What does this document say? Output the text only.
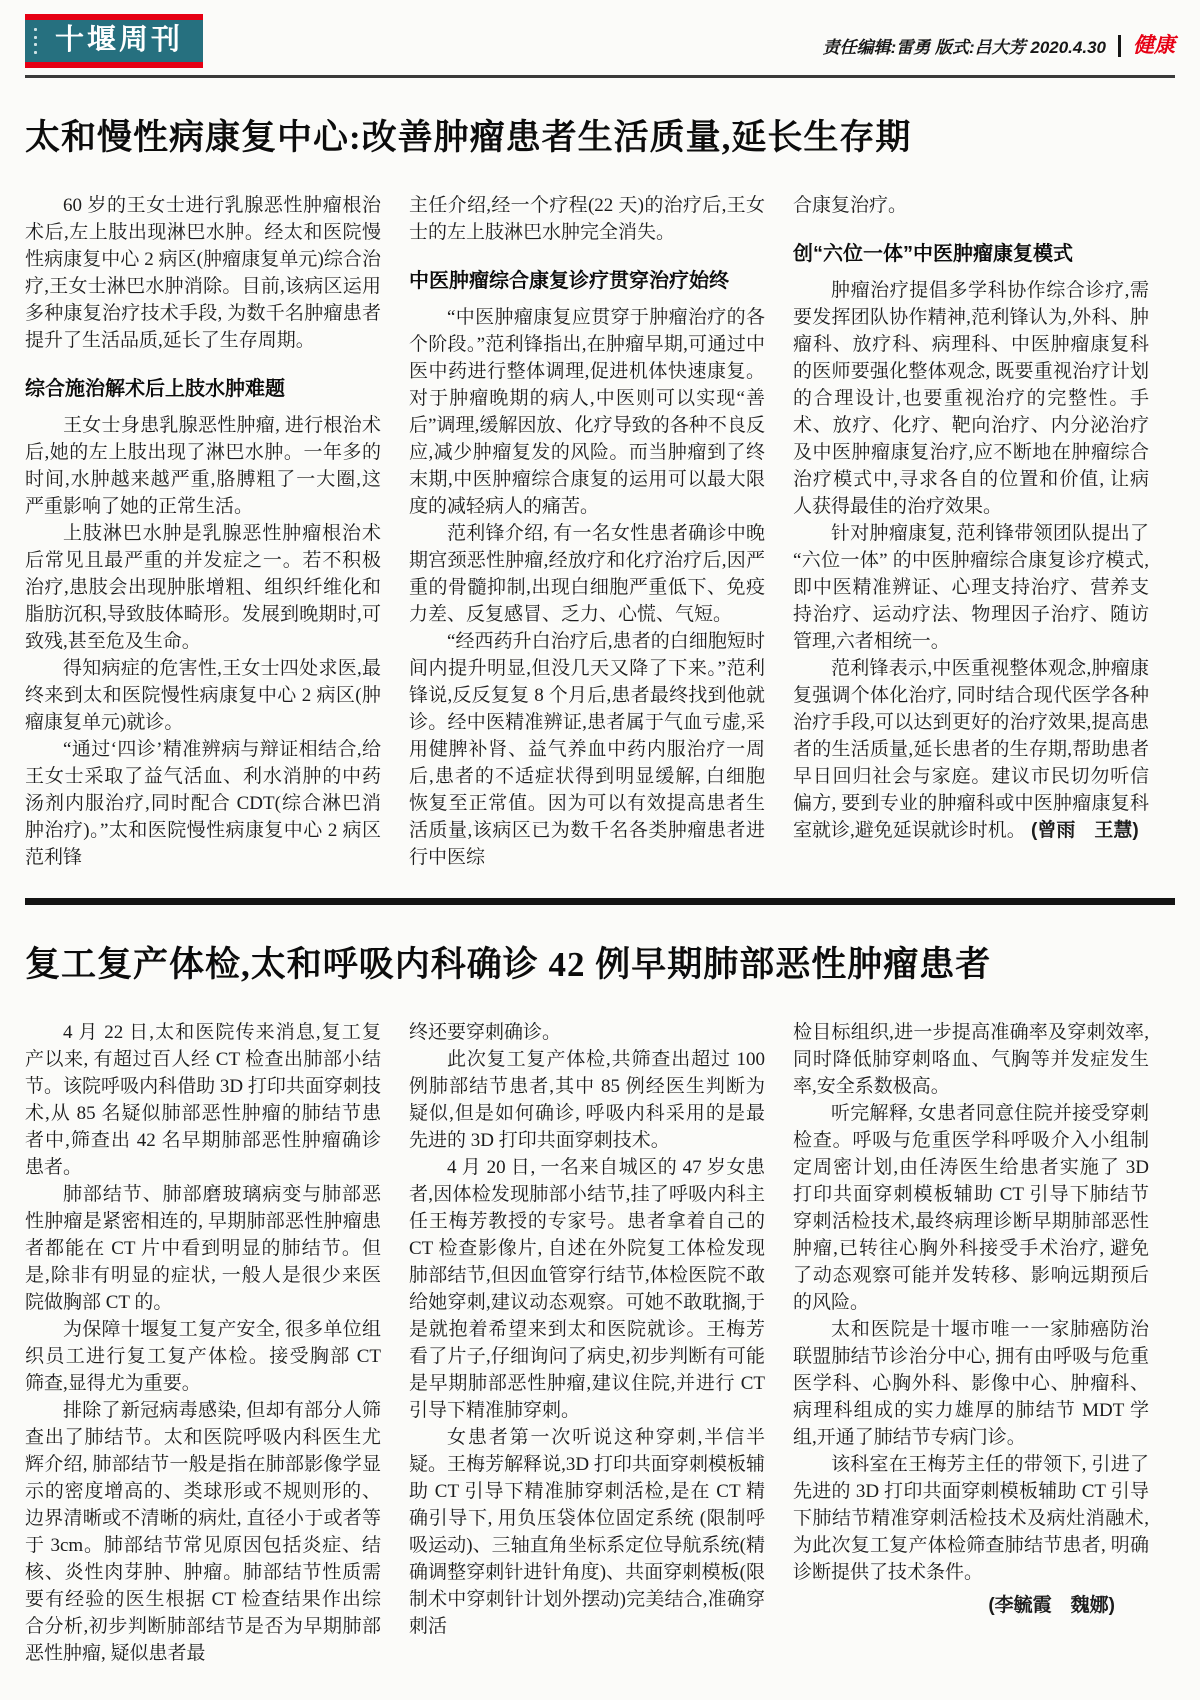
十堰周刊	责任编辑:雷勇 版式:吕大芳 2020.4.30	健康
太和慢性病康复中心:改善肿瘤患者生活质量,延长生存期

60 岁的王女士进行乳腺恶性肿瘤根治术后,左上肢出现淋巴水肿。经太和医院慢性病康复中心 2 病区(肿瘤康复单元)综合治疗,王女士淋巴水肿消除。目前,该病区运用多种康复治疗技术手段, 为数千名肿瘤患者提升了生活品质,延长了生存周期。

综合施治解术后上肢水肿难题

王女士身患乳腺恶性肿瘤, 进行根治术后,她的左上肢出现了淋巴水肿。一年多的时间,水肿越来越严重,胳膊粗了一大圈,这严重影响了她的正常生活。

上肢淋巴水肿是乳腺恶性肿瘤根治术后常见且最严重的并发症之一。若不积极治疗,患肢会出现肿胀增粗、组织纤维化和脂肪沉积,导致肢体畸形。发展到晚期时,可致残,甚至危及生命。

得知病症的危害性,王女士四处求医,最终来到太和医院慢性病康复中心 2 病区(肿瘤康复单元)就诊。

“通过‘四诊’精准辨病与辩证相结合,给王女士采取了益气活血、利水消肿的中药汤剂内服治疗,同时配合 CDT(综合淋巴消肿治疗)。”太和医院慢性病康复中心 2 病区范利锋

主任介绍,经一个疗程(22 天)的治疗后,王女士的左上肢淋巴水肿完全消失。

中医肿瘤综合康复诊疗贯穿治疗始终

“中医肿瘤康复应贯穿于肿瘤治疗的各个阶段。”范利锋指出,在肿瘤早期,可通过中医中药进行整体调理,促进机体快速康复。对于肿瘤晚期的病人,中医则可以实现“善后”调理,缓解因放、化疗导致的各种不良反应,减少肿瘤复发的风险。而当肿瘤到了终末期,中医肿瘤综合康复的运用可以最大限度的减轻病人的痛苦。

范利锋介绍, 有一名女性患者确诊中晚期宫颈恶性肿瘤,经放疗和化疗治疗后,因严重的骨髓抑制,出现白细胞严重低下、免疫力差、反复感冒、乏力、心慌、气短。

“经西药升白治疗后,患者的白细胞短时间内提升明显,但没几天又降了下来。”范利锋说,反反复复 8 个月后,患者最终找到他就诊。经中医精准辨证,患者属于气血亏虚,采用健脾补肾、益气养血中药内服治疗一周后,患者的不适症状得到明显缓解, 白细胞恢复至正常值。因为可以有效提高患者生活质量,该病区已为数千名各类肿瘤患者进行中医综

合康复治疗。

创“六位一体”中医肿瘤康复模式

肿瘤治疗提倡多学科协作综合诊疗,需要发挥团队协作精神,范利锋认为,外科、肿瘤科、放疗科、病理科、中医肿瘤康复科的医师要强化整体观念, 既要重视治疗计划的合理设计,也要重视治疗的完整性。手术、放疗、化疗、靶向治疗、内分泌治疗及中医肿瘤康复治疗,应不断地在肿瘤综合治疗模式中,寻求各自的位置和价值, 让病人获得最佳的治疗效果。

针对肿瘤康复, 范利锋带领团队提出了“六位一体” 的中医肿瘤综合康复诊疗模式,即中医精准辨证、心理支持治疗、营养支持治疗、运动疗法、物理因子治疗、随访管理,六者相统一。

范利锋表示,中医重视整体观念,肿瘤康复强调个体化治疗, 同时结合现代医学各种治疗手段,可以达到更好的治疗效果,提高患者的生活质量,延长患者的生存期,帮助患者早日回归社会与家庭。建议市民切勿听信偏方, 要到专业的肿瘤科或中医肿瘤康复科室就诊,避免延误就诊时机。 (曾雨　王慧)

复工复产体检,太和呼吸内科确诊 42 例早期肺部恶性肿瘤患者

4 月 22 日,太和医院传来消息,复工复产以来, 有超过百人经 CT 检查出肺部小结节。该院呼吸内科借助 3D 打印共面穿刺技术,从 85 名疑似肺部恶性肿瘤的肺结节患者中,筛查出 42 名早期肺部恶性肿瘤确诊患者。

肺部结节、肺部磨玻璃病变与肺部恶性肿瘤是紧密相连的, 早期肺部恶性肿瘤患者都能在 CT 片中看到明显的肺结节。但是,除非有明显的症状, 一般人是很少来医院做胸部 CT 的。

为保障十堰复工复产安全, 很多单位组织员工进行复工复产体检。接受胸部 CT 筛查,显得尤为重要。

排除了新冠病毒感染, 但却有部分人筛查出了肺结节。太和医院呼吸内科医生尤辉介绍, 肺部结节一般是指在肺部影像学显示的密度增高的、类球形或不规则形的、边界清晰或不清晰的病灶, 直径小于或者等于 3cm。肺部结节常见原因包括炎症、结核、炎性肉芽肿、肿瘤。肺部结节性质需要有经验的医生根据 CT 检查结果作出综合分析,初步判断肺部结节是否为早期肺部恶性肿瘤, 疑似患者最

终还要穿刺确诊。

此次复工复产体检,共筛查出超过 100 例肺部结节患者,其中 85 例经医生判断为疑似,但是如何确诊, 呼吸内科采用的是最先进的 3D 打印共面穿刺技术。

4 月 20 日, 一名来自城区的 47 岁女患者,因体检发现肺部小结节,挂了呼吸内科主任王梅芳教授的专家号。患者拿着自己的 CT 检查影像片, 自述在外院复工体检发现肺部结节,但因血管穿行结节,体检医院不敢给她穿刺,建议动态观察。可她不敢耽搁,于是就抱着希望来到太和医院就诊。王梅芳看了片子,仔细询问了病史,初步判断有可能是早期肺部恶性肿瘤,建议住院,并进行 CT 引导下精准肺穿刺。

女患者第一次听说这种穿刺,半信半疑。王梅芳解释说,3D 打印共面穿刺模板辅助 CT 引导下精准肺穿刺活检,是在 CT 精确引导下, 用负压袋体位固定系统 (限制呼吸运动)、三轴直角坐标系定位导航系统(精确调整穿刺针进针角度)、共面穿刺模板(限制术中穿刺针计划外摆动)完美结合,准确穿刺活

检目标组织,进一步提高准确率及穿刺效率,同时降低肺穿刺咯血、气胸等并发症发生率,安全系数极高。

听完解释, 女患者同意住院并接受穿刺检查。呼吸与危重医学科呼吸介入小组制定周密计划,由任涛医生给患者实施了 3D 打印共面穿刺模板辅助 CT 引导下肺结节穿刺活检技术,最终病理诊断早期肺部恶性肿瘤,已转往心胸外科接受手术治疗, 避免了动态观察可能并发转移、影响远期预后的风险。

太和医院是十堰市唯一一家肺癌防治联盟肺结节诊治分中心, 拥有由呼吸与危重医学科、心胸外科、影像中心、肿瘤科、病理科组成的实力雄厚的肺结节 MDT 学组,开通了肺结节专病门诊。

该科室在王梅芳主任的带领下, 引进了先进的 3D 打印共面穿刺模板辅助 CT 引导下肺结节精准穿刺活检技术及病灶消融术,为此次复工复产体检筛查肺结节患者, 明确诊断提供了技术条件。

(李毓霞　魏娜)
